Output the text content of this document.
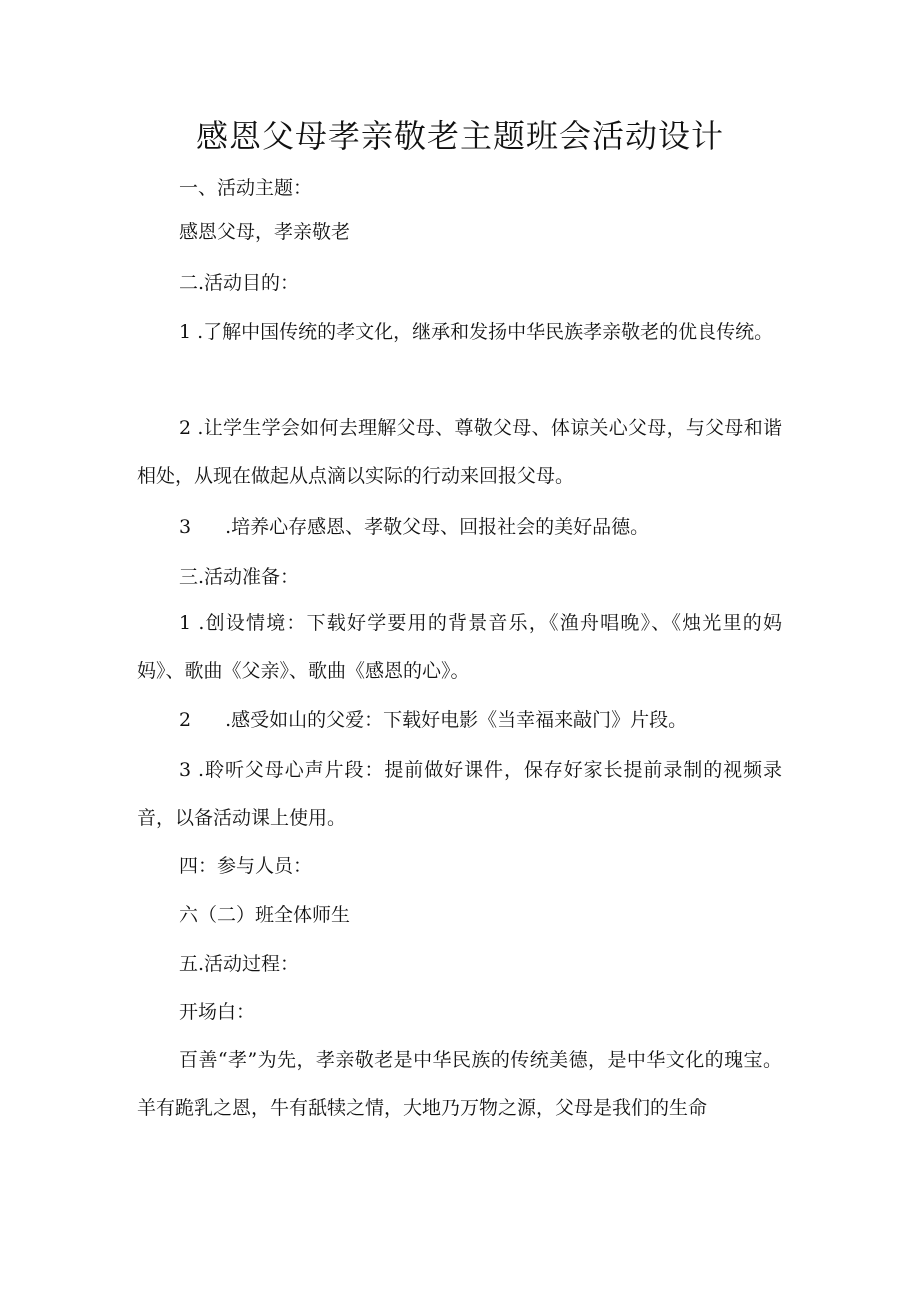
感恩父母孝亲敬老主题班会活动设计

一、活动主题：

感恩父母，孝亲敬老

二.活动目的：

1 .了解中国传统的孝文化，继承和发扬中华民族孝亲敬老的优良传统。

2 .让学生学会如何去理解父母、尊敬父母、体谅关心父母，与父母和谐相处，从现在做起从点滴以实际的行动来回报父母。

3 .培养心存感恩、孝敬父母、回报社会的美好品德。

三.活动准备：

1 .创设情境：下载好学要用的背景音乐，《渔舟唱晚》、《烛光里的妈妈》、歌曲《父亲》、歌曲《感恩的心》。

2 .感受如山的父爱：下载好电影《当幸福来敲门》片段。

3 .聆听父母心声片段：提前做好课件，保存好家长提前录制的视频录音，以备活动课上使用。

四：参与人员：

六（二）班全体师生

五.活动过程：

开场白：

百善“孝”为先，孝亲敬老是中华民族的传统美德，是中华文化的瑰宝。羊有跪乳之恩，牛有舐犊之情，大地乃万物之源，父母是我们的生命
